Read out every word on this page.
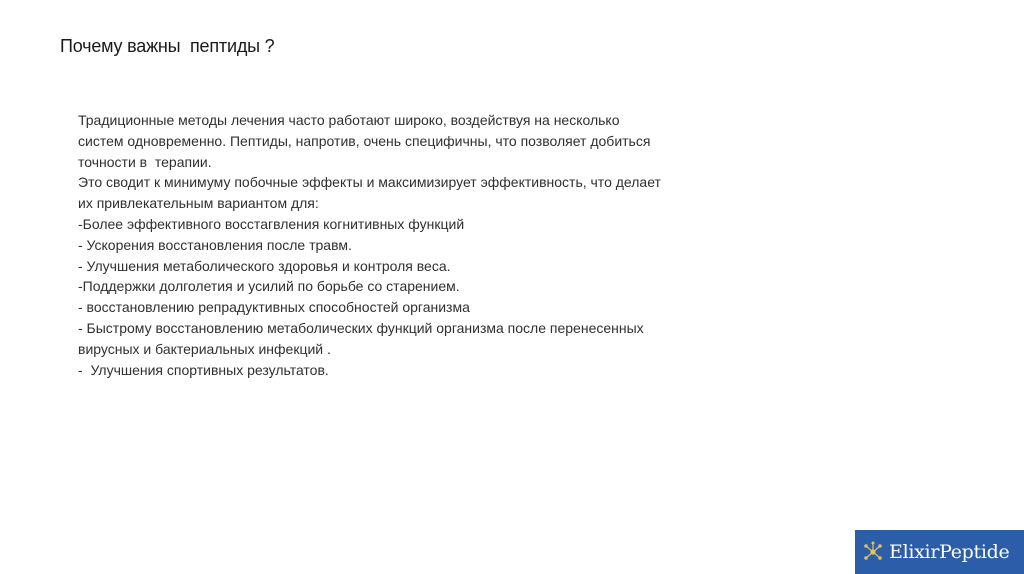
Почему важны  пептиды ?
Традиционные методы лечения часто работают широко, воздействуя на несколько
систем одновременно. Пептиды, напротив, очень специфичны, что позволяет добиться
точности в  терапии.
Это сводит к минимуму побочные эффекты и максимизирует эффективность, что делает
их привлекательным вариантом для:
-Более эффективного восстагвления когнитивных функций
- Ускорения восстановления после травм.
- Улучшения метаболического здоровья и контроля веса.
-Поддержки долголетия и усилий по борьбе со старением.
- восстановлению репрадуктивных способностей организма
- Быстрому восстановлению метаболических функций организма после перенесенных
вирусных и бактериальных инфекций .
-  Улучшения спортивных результатов.
ElixirPeptide
